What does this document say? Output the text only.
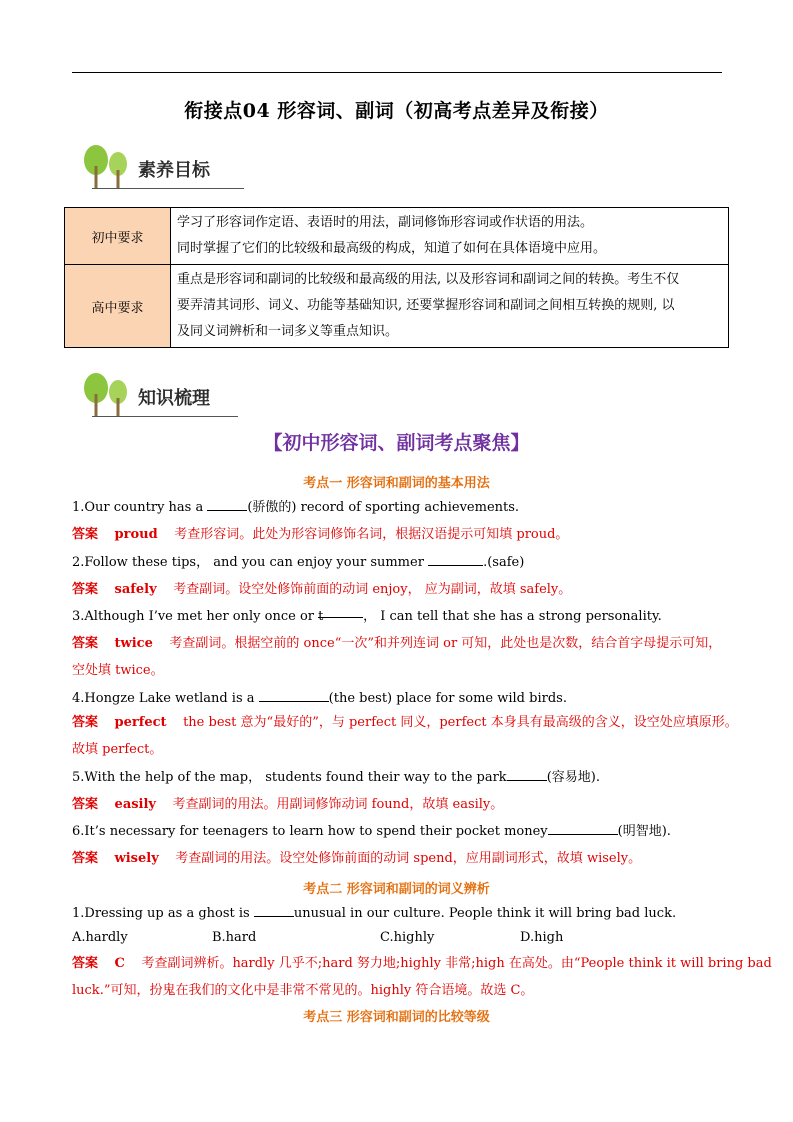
衔接点04 形容词、副词（初高考点差异及衔接）
素养目标
初中要求	学习了形容词作定语、表语时的用法，副词修饰形容词或作状语的用法。
同时掌握了它们的比较级和最高级的构成，知道了如何在具体语境中应用。

高中要求	重点是形容词和副词的比较级和最高级的用法, 以及形容词和副词之间的转换。考生不仅
要弄清其词形、词义、功能等基础知识, 还要掌握形容词和副词之间相互转换的规则, 以
及同义词辨析和一词多义等重点知识。
知识梳理
【初中形容词、副词考点聚焦】
考点一 形容词和副词的基本用法
1.Our country has a	(骄傲的) record of sporting achievements.
答案 proud 考查形容词。此处为形容词修饰名词，根据汉语提示可知填 proud。
2.Follow these tips， and you can enjoy your summer	.(safe)
答案 safely 考查副词。设空处修饰前面的动词 enjoy， 应为副词，故填 safely。
3.Although I’ve met her only once or t	， I can tell that she has a strong personality.
答案 twice 考查副词。根据空前的 once“一次”和并列连词 or 可知，此处也是次数，结合首字母提示可知，
空处填 twice。
4.Hongze Lake wetland is a	(the best) place for some wild birds.
答案 perfect the best 意为“最好的”，与 perfect 同义，perfect 本身具有最高级的含义，设空处应填原形。
故填 perfect。
5.With the help of the map， students found their way to the park	(容易地).
答案 easily 考查副词的用法。用副词修饰动词 found，故填 easily。
6.It’s necessary for teenagers to learn how to spend their pocket money	(明智地).
答案 wisely 考查副词的用法。设空处修饰前面的动词 spend，应用副词形式，故填 wisely。
考点二 形容词和副词的词义辨析
1.Dressing up as a ghost is	unusual in our culture. People think it will bring bad luck.
A.hardly	B.hard	C.highly	D.high
答案 C 考查副词辨析。hardly 几乎不;hard 努力地;highly 非常;high 在高处。由“People think it will bring bad
luck.”可知，扮鬼在我们的文化中是非常不常见的。highly 符合语境。故选 C。
考点三 形容词和副词的比较等级
